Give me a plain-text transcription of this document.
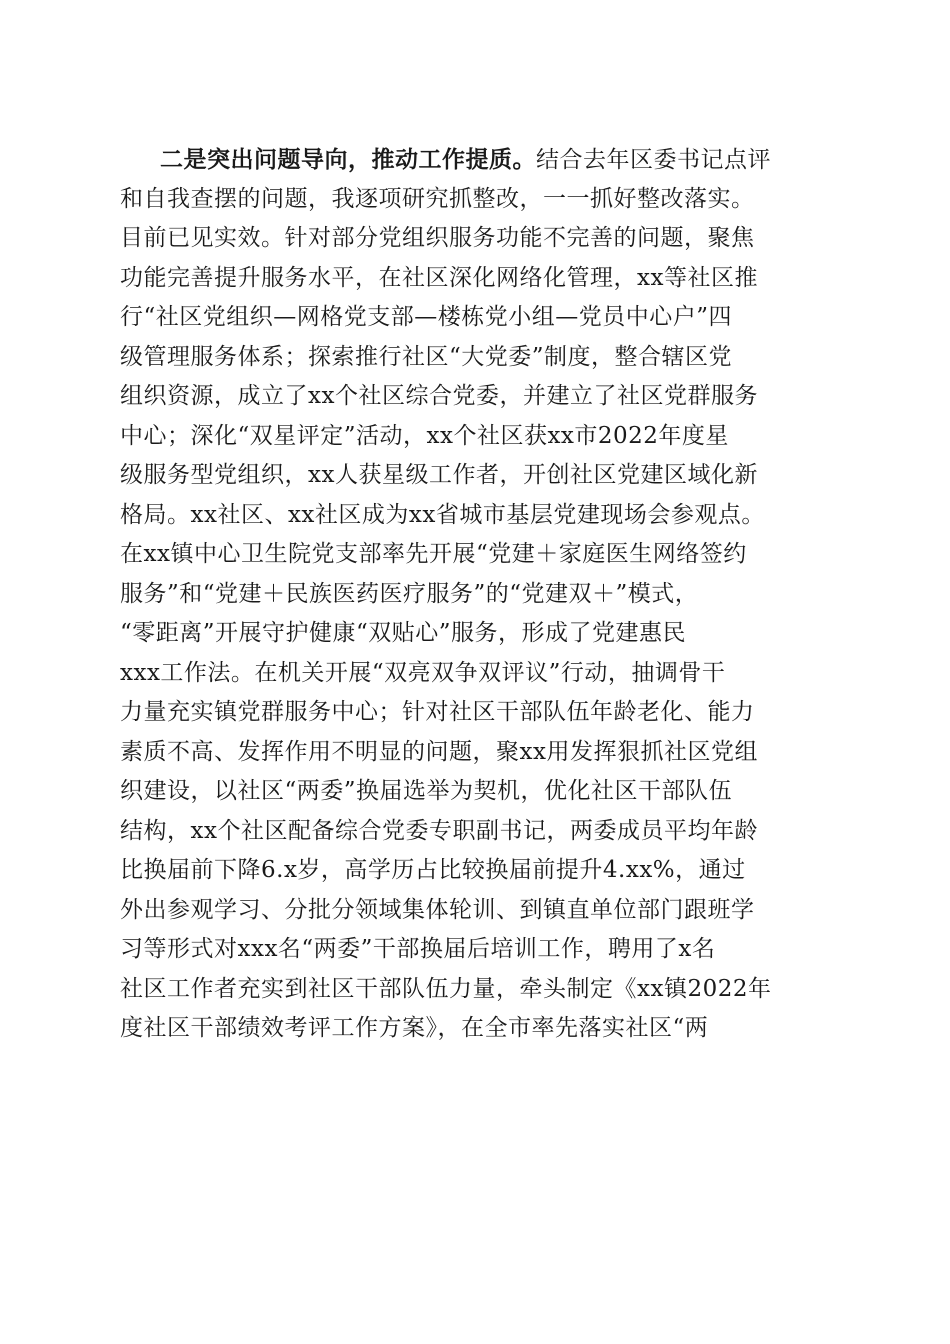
二是突出问题导向，推动工作提质。结合去年区委书记点评
和自我查摆的问题，我逐项研究抓整改，一一抓好整改落实。
目前已见实效。针对部分党组织服务功能不完善的问题，聚焦
功能完善提升服务水平，在社区深化网络化管理，xx等社区推
行“社区党组织—网格党支部—楼栋党小组—党员中心户”四
级管理服务体系；探索推行社区“大党委”制度，整合辖区党
组织资源，成立了xx个社区综合党委，并建立了社区党群服务
中心；深化“双星评定”活动，xx个社区获xx市2022年度星
级服务型党组织，xx人获星级工作者，开创社区党建区域化新
格局。xx社区、xx社区成为xx省城市基层党建现场会参观点。
在xx镇中心卫生院党支部率先开展“党建＋家庭医生网络签约
服务”和“党建＋民族医药医疗服务”的“党建双＋”模式，
“零距离”开展守护健康“双贴心”服务，形成了党建惠民
xxx工作法。在机关开展“双亮双争双评议”行动，抽调骨干
力量充实镇党群服务中心；针对社区干部队伍年龄老化、能力
素质不高、发挥作用不明显的问题，聚xx用发挥狠抓社区党组
织建设，以社区“两委”换届选举为契机，优化社区干部队伍
结构，xx个社区配备综合党委专职副书记，两委成员平均年龄
比换届前下降6.x岁，高学历占比较换届前提升4.xx%，通过
外出参观学习、分批分领域集体轮训、到镇直单位部门跟班学
习等形式对xxx名“两委”干部换届后培训工作，聘用了x名
社区工作者充实到社区干部队伍力量，牵头制定《xx镇2022年
度社区干部绩效考评工作方案》，在全市率先落实社区“两
